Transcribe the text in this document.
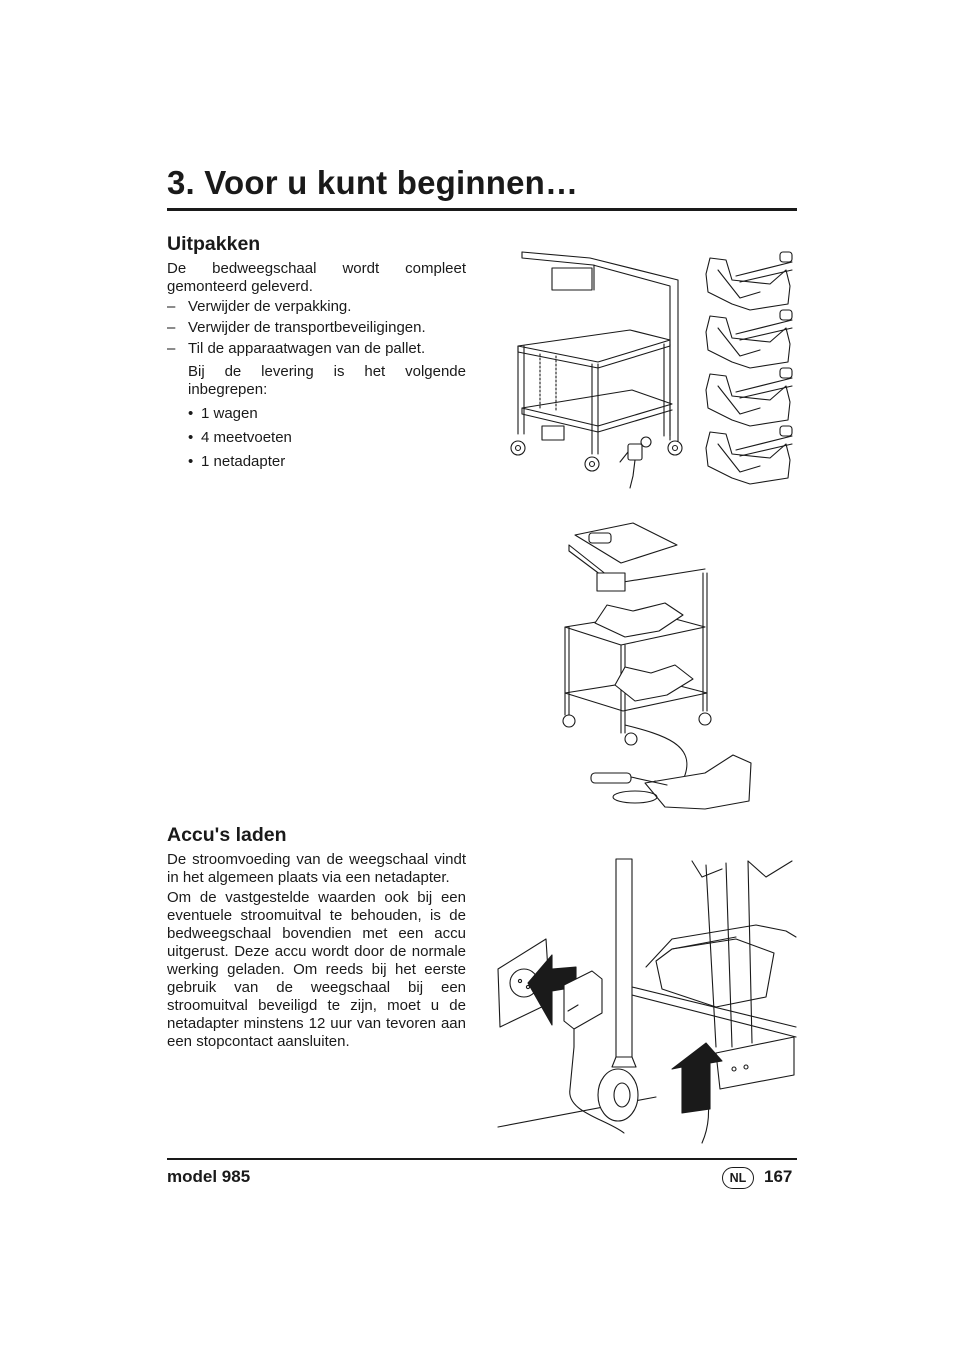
3. Voor u kunt beginnen…
Uitpakken
De bedweegschaal wordt compleet gemonteerd geleverd.
– Verwijder de verpakking.
– Verwijder de transportbeveiligingen.
– Til de apparaatwagen van de pallet.
Bij de levering is het volgende inbegrepen:
• 1 wagen
• 4 meetvoeten
• 1 netadapter
Accu's laden
De stroomvoeding van de weegschaal vindt in het algemeen plaats via een netadapter.
Om de vastgestelde waarden ook bij een eventuele stroomuitval te behouden, is de bedweegschaal bovendien met een accu uitgerust. Deze accu wordt door de normale werking geladen. Om reeds bij het eerste gebruik van de weegschaal bij een stroomuitval beveiligd te zijn, moet u de netadapter minstens 12 uur van tevoren aan een stopcontact aansluiten.
model 985	NL	167
